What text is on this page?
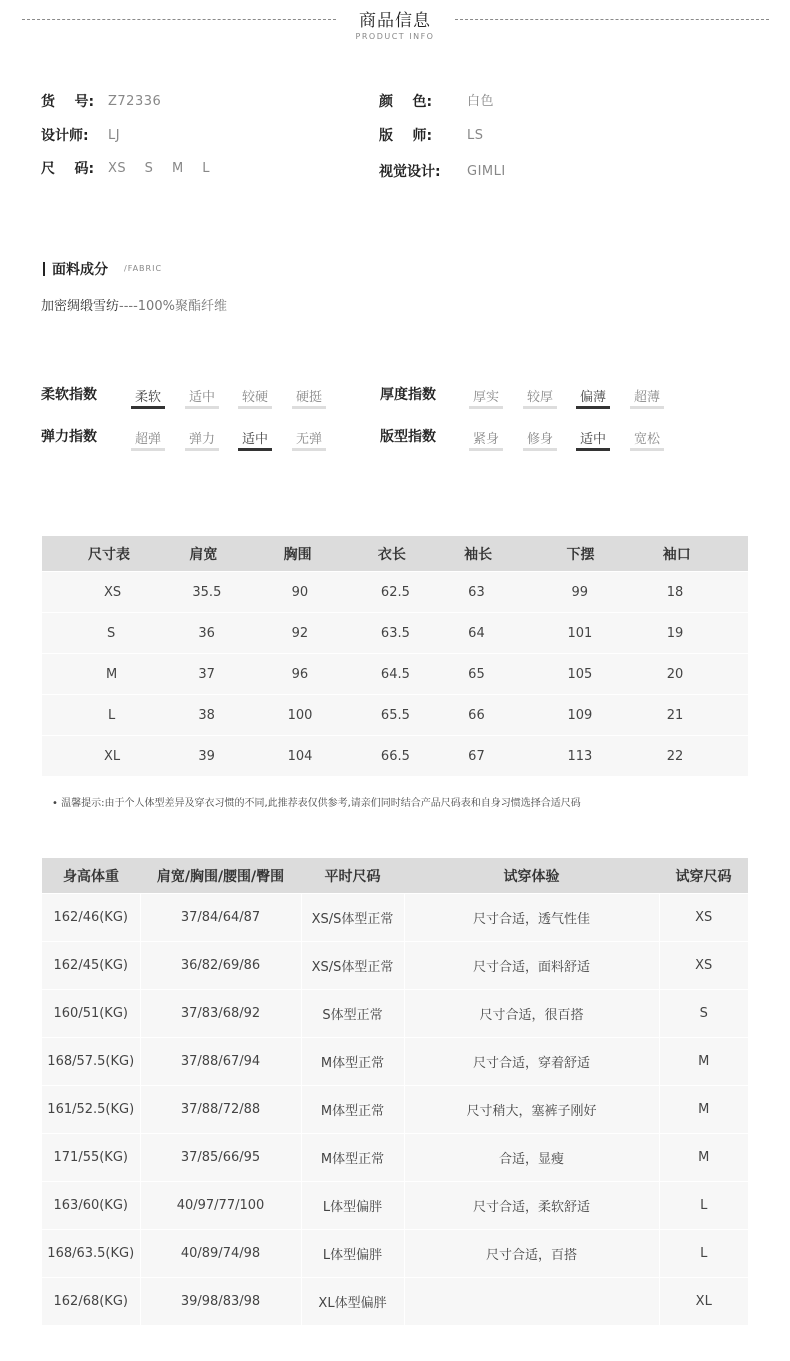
商品信息
PRODUCT INFO
货    号: Z72336
设计师: LJ
尺    码: XS    S    M    L
颜    色:	白色
版    师:	LS
视觉设计: GIMLI
面料成分 /FABRIC
加密绸缎雪纺----100%聚酯纤维
柔软指数	柔软	适中	较硬	硬挺	厚度指数	厚实	较厚	偏薄	超薄
弹力指数	超弹	弹力	适中	无弹	版型指数	紧身	修身	适中	宽松
尺寸表	肩宽	胸围	衣长	袖长	下摆	袖口
XS	35.5	90	62.5	63	99	18
S	36	92	63.5	64	101	19
M	37	96	64.5	65	105	20
L	38	100	65.5	66	109	21
XL	39	104	66.5	67	113	22
• 温馨提示:由于个人体型差异及穿衣习惯的不同,此推荐表仅供参考,请亲们同时结合产品尺码表和自身习惯选择合适尺码
身高体重	肩宽/胸围/腰围/臀围	平时尺码	试穿体验	试穿尺码
162/46(KG)	37/84/64/87	XS/S体型正常	尺寸合适，透气性佳	XS
162/45(KG)	36/82/69/86	XS/S体型正常	尺寸合适，面料舒适	XS
160/51(KG)	37/83/68/92	S体型正常	尺寸合适，很百搭	S
168/57.5(KG)	37/88/67/94	M体型正常	尺寸合适，穿着舒适	M
161/52.5(KG)	37/88/72/88	M体型正常	尺寸稍大，塞裤子刚好	M
171/55(KG)	37/85/66/95	M体型正常	合适，显瘦	M
163/60(KG)	40/97/77/100	L体型偏胖	尺寸合适，柔软舒适	L
168/63.5(KG)	40/89/74/98	L体型偏胖	尺寸合适，百搭	L
162/68(KG)	39/98/83/98	XL体型偏胖		XL
